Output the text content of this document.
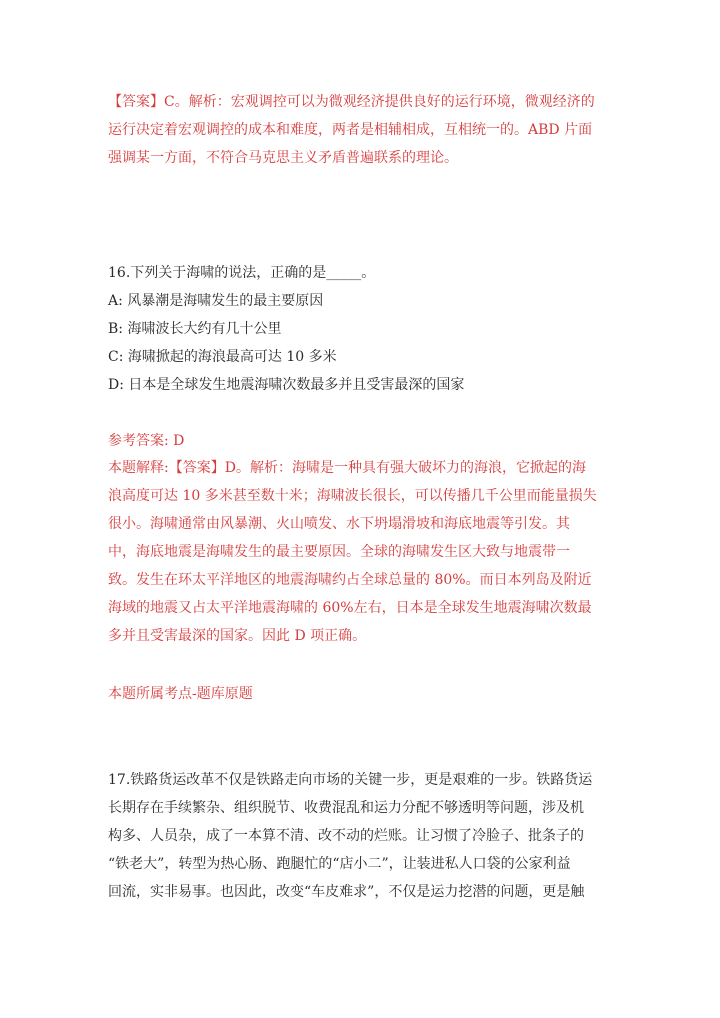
【答案】C。解析：宏观调控可以为微观经济提供良好的运行环境，微观经济的
运行决定着宏观调控的成本和难度，两者是相辅相成，互相统一的。ABD 片面
强调某一方面，不符合马克思主义矛盾普遍联系的理论。
16.下列关于海啸的说法，正确的是_____。
A: 风暴潮是海啸发生的最主要原因
B: 海啸波长大约有几十公里
C: 海啸掀起的海浪最高可达 10 多米
D: 日本是全球发生地震海啸次数最多并且受害最深的国家
参考答案: D
本题解释:【答案】D。解析：海啸是一种具有强大破坏力的海浪，它掀起的海
浪高度可达 10 多米甚至数十米；海啸波长很长，可以传播几千公里而能量损失
很小。海啸通常由风暴潮、火山喷发、水下坍塌滑坡和海底地震等引发。其
中，海底地震是海啸发生的最主要原因。全球的海啸发生区大致与地震带一
致。发生在环太平洋地区的地震海啸约占全球总量的 80%。而日本列岛及附近
海域的地震又占太平洋地震海啸的 60%左右，日本是全球发生地震海啸次数最
多并且受害最深的国家。因此 D 项正确。
本题所属考点-题库原题
17.铁路货运改革不仅是铁路走向市场的关键一步，更是艰难的一步。铁路货运
长期存在手续繁杂、组织脱节、收费混乱和运力分配不够透明等问题，涉及机
构多、人员杂，成了一本算不清、改不动的烂账。让习惯了冷脸子、批条子的
“铁老大”，转型为热心肠、跑腿忙的“店小二”，让装进私人口袋的公家利益
回流，实非易事。也因此，改变“车皮难求”，不仅是运力挖潜的问题，更是触
